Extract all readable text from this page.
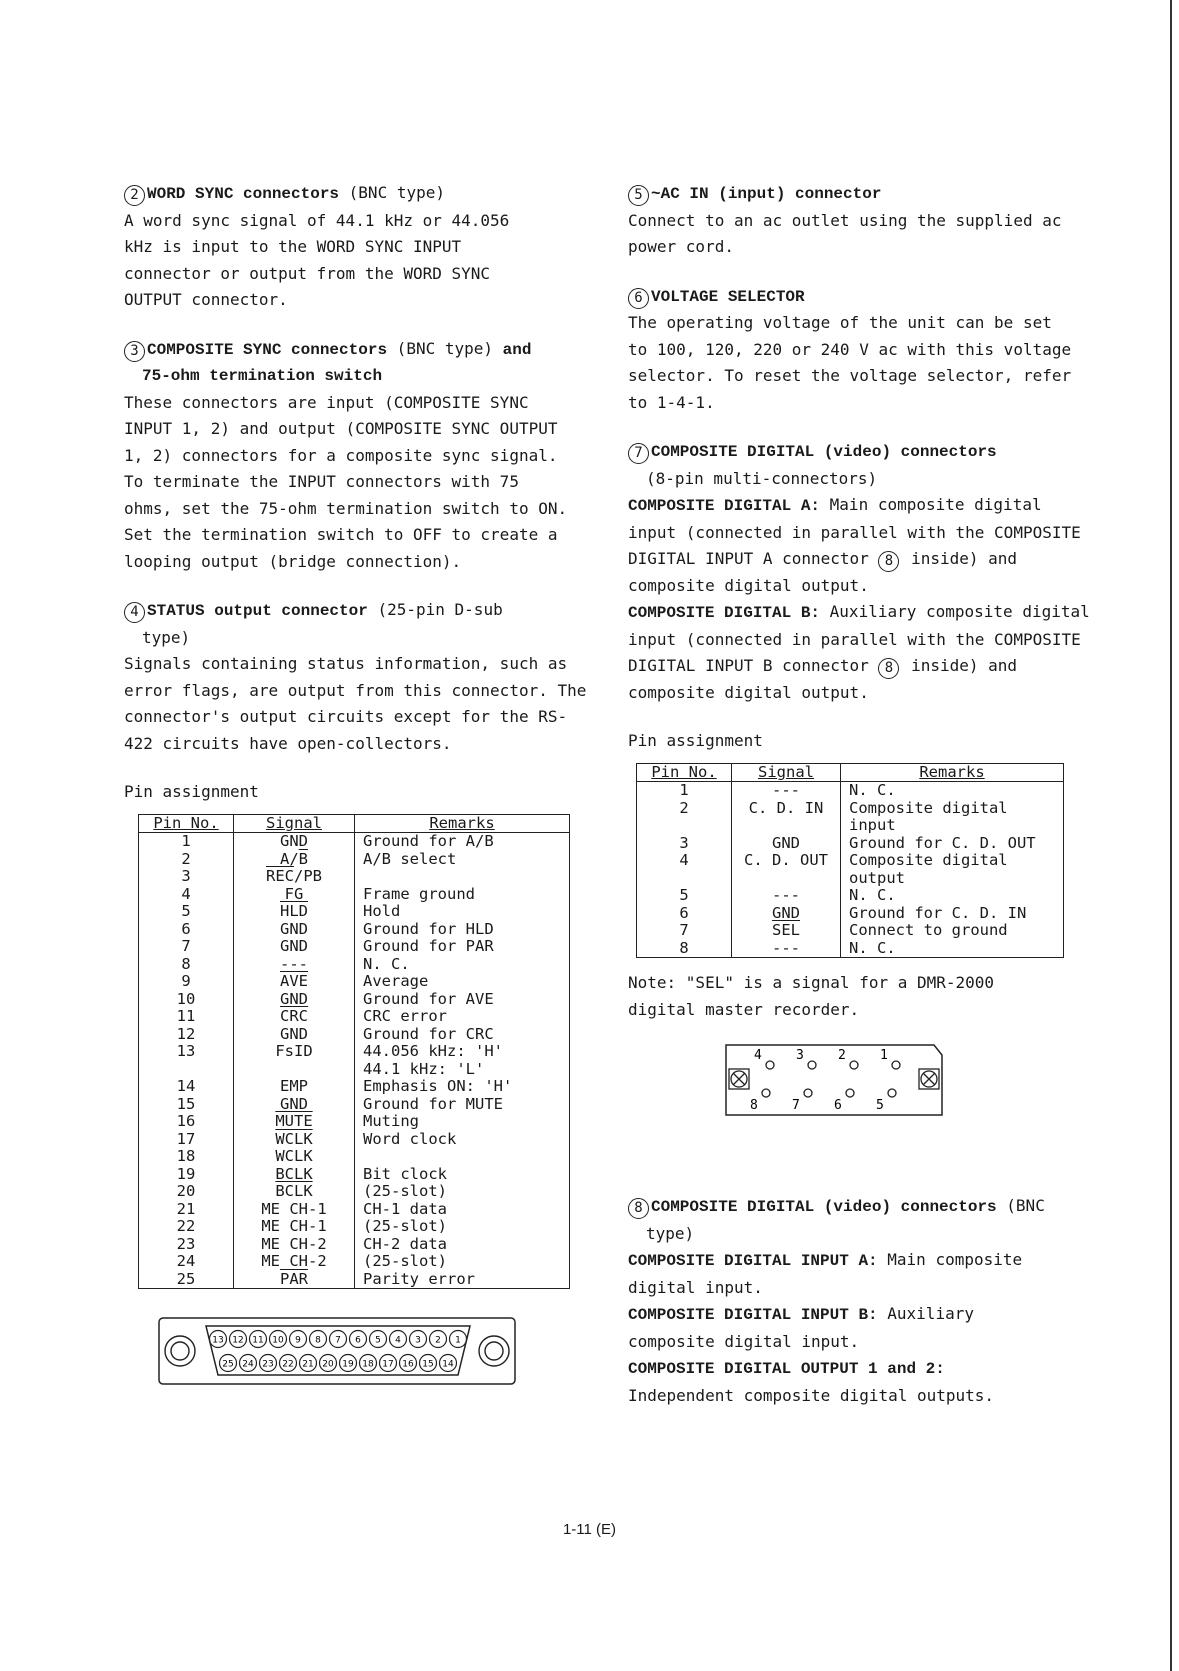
2 WORD SYNC connectors (BNC type)
A word sync signal of 44.1 kHz or 44.056 kHz is input to the WORD SYNC INPUT connector or output from the WORD SYNC OUTPUT connector.
3 COMPOSITE SYNC connectors (BNC type) and
75-ohm termination switch
These connectors are input (COMPOSITE SYNC INPUT 1, 2) and output (COMPOSITE SYNC OUTPUT 1, 2) connectors for a composite sync signal. To terminate the INPUT connectors with 75 ohms, set the 75-ohm termination switch to ON. Set the termination switch to OFF to create a looping output (bridge connection).
4 STATUS output connector (25-pin D-sub
type)
Signals containing status information, such as error flags, are output from this connector. The connector's output circuits except for the RS-422 circuits have open-collectors.
Pin assignment
Pin No.	Signal	Remarks
1	GND	Ground for A/B
2	$A/\overline{B}$	A/B select
3	$\overline{REC}/PB$	
4	FG	Frame ground
5	$\overline{HLD}$	Hold
6	GND	Ground for HLD
7	GND	Ground for PAR
8	---	N. C.
9	$\overline{AVE}$	Average
10	GND	Ground for AVE
11	$\overline{CRC}$	CRC error
12	GND	Ground for CRC
13	FsID	44.056 kHz: 'H'
		44.1 kHz: 'L'
14	EMP	Emphasis ON: 'H'
15	GND	Ground for MUTE
16	MUTE	Muting
17	WCLK	Word clock
18	WCLK	
19	BCLK	Bit clock
20	BCLK	(25-slot)
21	ME CH-1	CH-1 data
22	ME CH-1	(25-slot)
23	ME CH-2	CH-2 data
24	ME CH-2	(25-slot)
25	$\overline{PAR}$	Parity error
13 12 11 10 9 8 7 6 5 4 3 2 1
25 24 23 22 21 20 19 18 17 16 15 14
5 ~AC IN (input) connector
Connect to an ac outlet using the supplied ac power cord.
6 VOLTAGE SELECTOR
The operating voltage of the unit can be set to 100, 120, 220 or 240 V ac with this voltage selector. To reset the voltage selector, refer to 1-4-1.
7 COMPOSITE DIGITAL (video) connectors
(8-pin multi-connectors)
COMPOSITE DIGITAL A: Main composite digital input (connected in parallel with the COMPOSITE DIGITAL INPUT A connector 8 inside) and composite digital output.
COMPOSITE DIGITAL B: Auxiliary composite digital input (connected in parallel with the COMPOSITE DIGITAL INPUT B connector 8 inside) and composite digital output.
Pin assignment
Pin No.	Signal	Remarks
1	---	N. C.
2	C. D. IN	Composite digital input
3	GND	Ground for C. D. OUT
4	C. D. OUT	Composite digital output
5	---	N. C.
6	GND	Ground for C. D. IN
7	$\overline{SEL}$	Connect to ground
8	---	N. C.
Note: "SEL" is a signal for a DMR-2000 digital master recorder.
4	3	2	1
8	7	6	5
8 COMPOSITE DIGITAL (video) connectors (BNC
type)
COMPOSITE DIGITAL INPUT A: Main composite digital input.
COMPOSITE DIGITAL INPUT B: Auxiliary composite digital input.
COMPOSITE DIGITAL OUTPUT 1 and 2:
Independent composite digital outputs.
1-11 (E)
